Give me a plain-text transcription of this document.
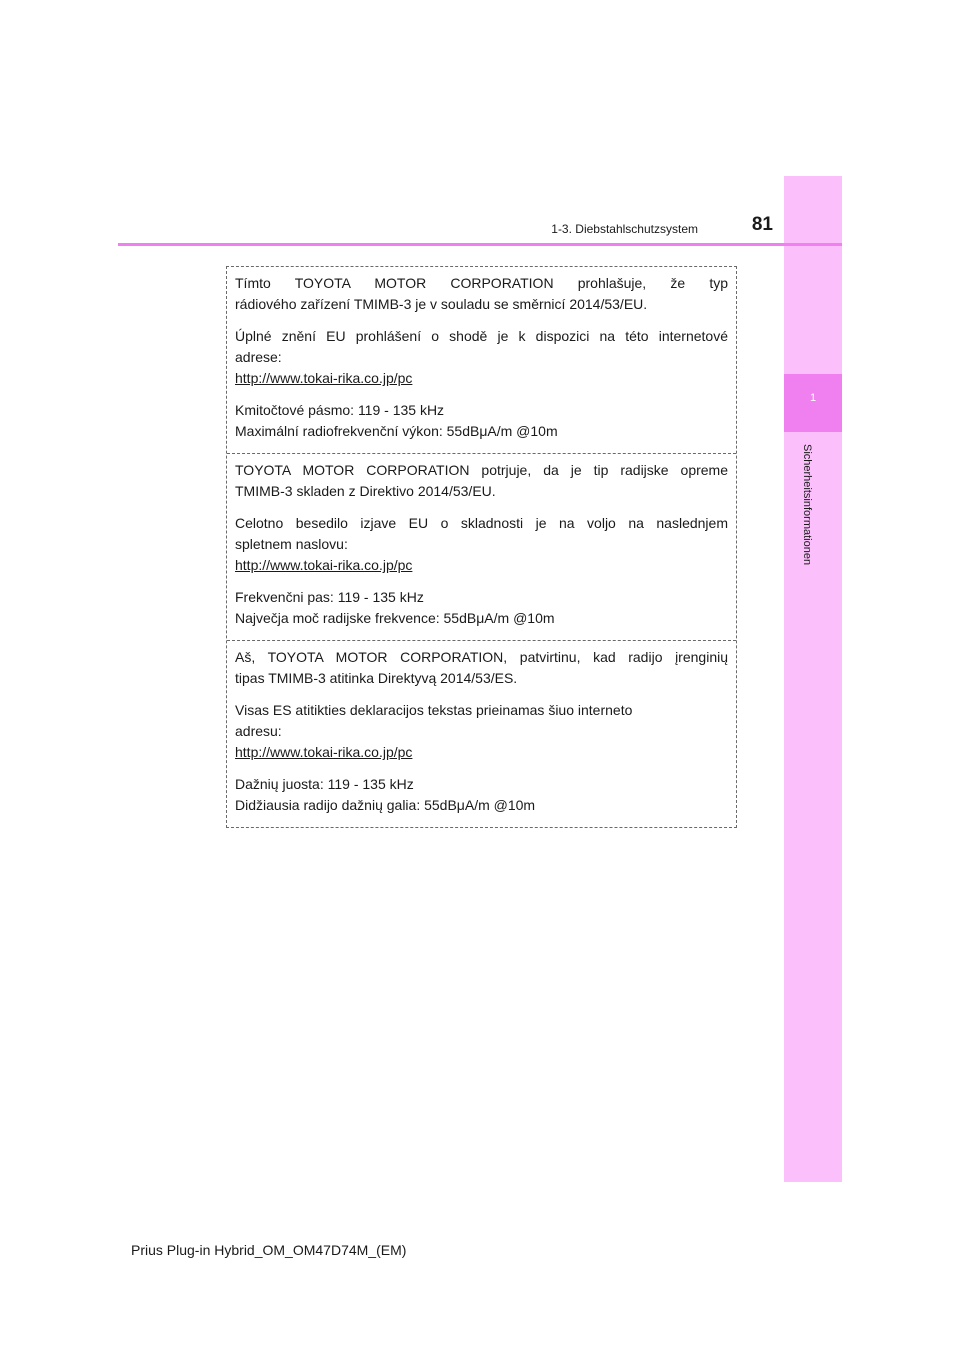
1
Sicherheitsinformationen
1-3. Diebstahlschutzsystem	81

Tímto TOYOTA MOTOR CORPORATION prohlašuje, že typ
rádiového zařízení TMIMB-3 je v souladu se směrnicí 2014/53/EU.

Úplné znění EU prohlášení o shodě je k dispozici na této internetové
adrese:
http://www.tokai-rika.co.jp/pc

Kmitočtové pásmo: 119 - 135 kHz
Maximální radiofrekvenční výkon: 55dBμA/m @10m

TOYOTA MOTOR CORPORATION potrjuje, da je tip radijske opreme
TMIMB-3 skladen z Direktivo 2014/53/EU.

Celotno besedilo izjave EU o skladnosti je na voljo na naslednjem
spletnem naslovu:
http://www.tokai-rika.co.jp/pc

Frekvenčni pas: 119 - 135 kHz
Največja moč radijske frekvence: 55dBμA/m @10m

Aš, TOYOTA MOTOR CORPORATION, patvirtinu, kad radijo įrenginių
tipas TMIMB-3 atitinka Direktyvą 2014/53/ES.

Visas ES atitikties deklaracijos tekstas prieinamas šiuo interneto
adresu:
http://www.tokai-rika.co.jp/pc

Dažnių juosta: 119 - 135 kHz
Didžiausia radijo dažnių galia: 55dBμA/m @10m

Prius Plug-in Hybrid_OM_OM47D74M_(EM)
